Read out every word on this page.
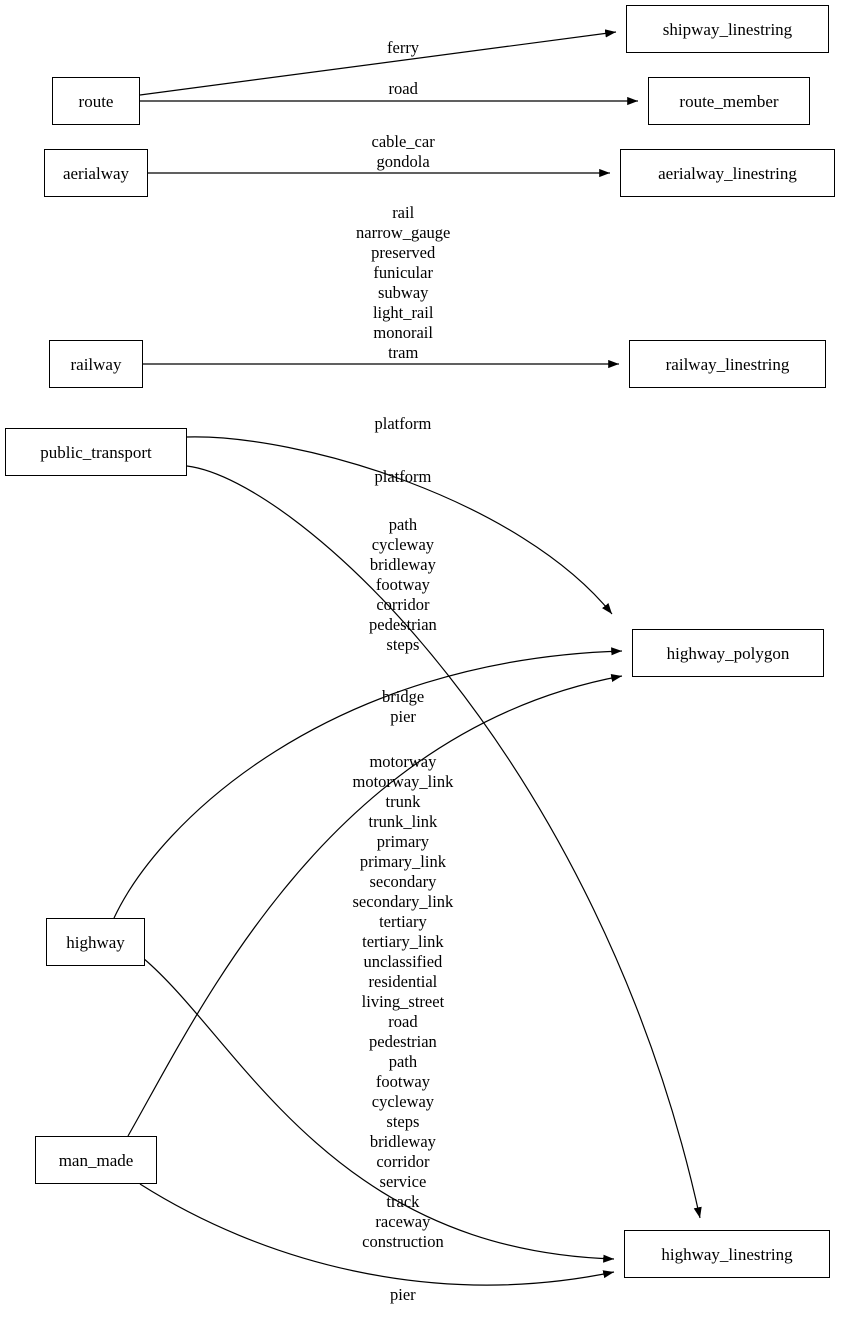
shipway_linestring
route	route_member
aerialway	aerialway_linestring
railway	railway_linestring
public_transport
highway_polygon
highway
man_made
highway_linestring
ferry
road
cable_car
gondola
rail
narrow_gauge
preserved
funicular
subway
light_rail
monorail
tram
platform
platform
path
cycleway
bridleway
footway
corridor
pedestrian
steps
bridge
pier
motorway
motorway_link
trunk
trunk_link
primary
primary_link
secondary
secondary_link
tertiary
tertiary_link
unclassified
residential
living_street
road
pedestrian
path
footway
cycleway
steps
bridleway
corridor
service
track
raceway
construction
pier
